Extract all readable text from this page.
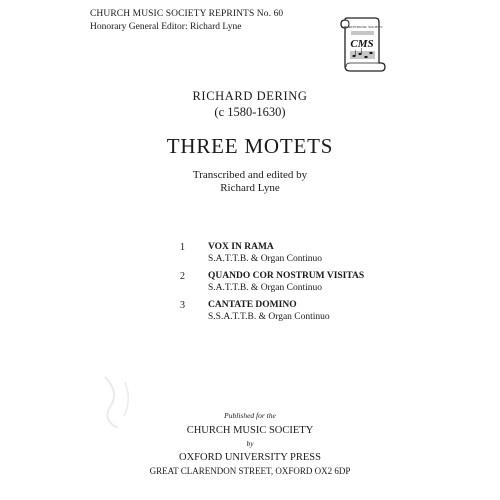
CHURCH MUSIC SOCIETY REPRINTS No. 60
Honorary General Editor: Richard Lyne	CHURCH MUSIC SOCIETY
CMS
RICHARD DERING
(c 1580-1630)
THREE MOTETS
Transcribed and edited by
Richard Lyne
1 VOX IN RAMA
S.A.T.T.B. & Organ Continuo
2 QUANDO COR NOSTRUM VISITAS
S.A.T.T.B. & Organ Continuo
3 CANTATE DOMINO
S.S.A.T.T.B. & Organ Continuo
Published for the
CHURCH MUSIC SOCIETY
by
OXFORD UNIVERSITY PRESS
GREAT CLARENDON STREET, OXFORD OX2 6DP
